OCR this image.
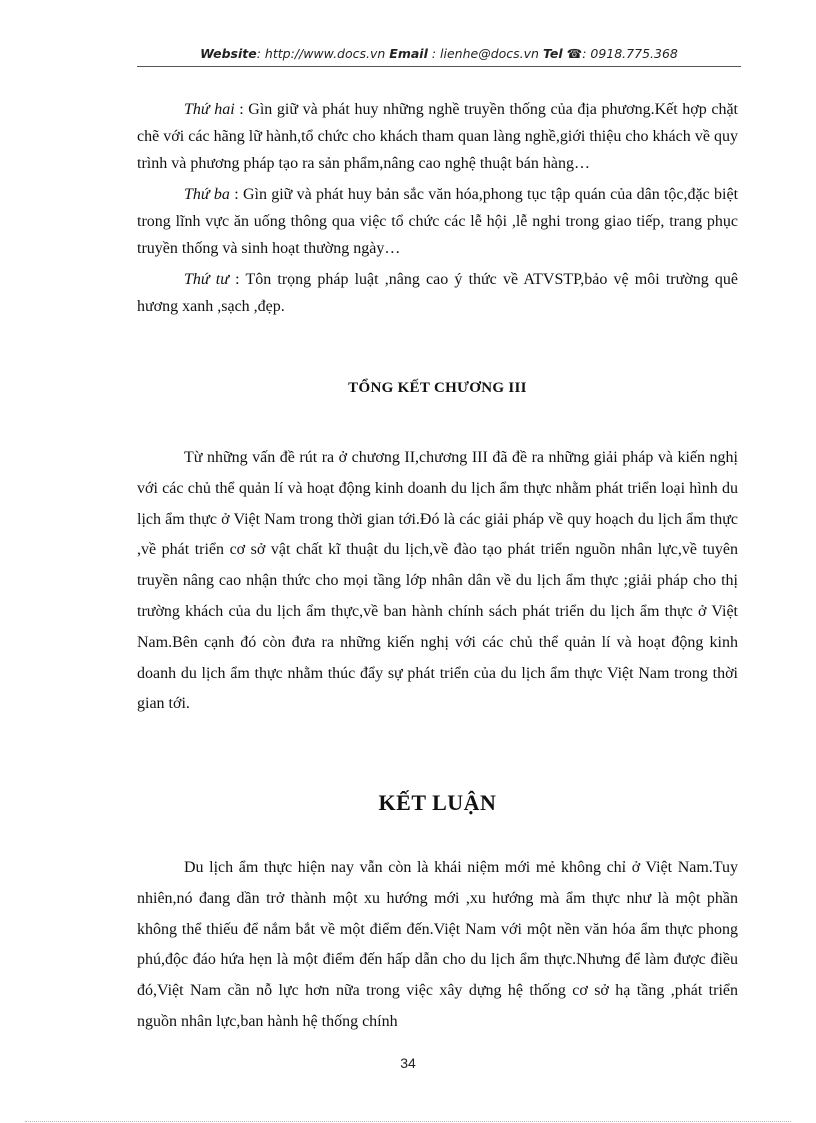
Website: http://www.docs.vn Email : lienhe@docs.vn Tel ☎: 0918.775.368

Thứ hai : Gìn giữ và phát huy những nghề truyền thống của địa phương.Kết hợp chặt chẽ với các hãng lữ hành,tổ chức cho khách tham quan làng nghề,giới thiệu cho khách về quy trình và phương pháp tạo ra sản phẩm,nâng cao nghệ thuật bán hàng…

Thứ ba : Gìn giữ và phát huy bản sắc văn hóa,phong tục tập quán của dân tộc,đặc biệt trong lĩnh vực ăn uống thông qua việc tổ chức các lễ hội ,lễ nghi trong giao tiếp, trang phục truyền thống và sinh hoạt thường ngày…

Thứ tư : Tôn trọng pháp luật ,nâng cao ý thức về ATVSTP,bảo vệ môi trường quê hương xanh ,sạch ,đẹp.

TỔNG KẾT CHƯƠNG III

Từ những vấn đề rút ra ở chương II,chương III đã đề ra những giải pháp và kiến nghị với các chủ thể quản lí và hoạt động kinh doanh du lịch ẩm thực nhằm phát triển loại hình du lịch ẩm thực ở Việt Nam trong thời gian tới.Đó là các giải pháp về quy hoạch du lịch ẩm thực ,về phát triển cơ sở vật chất kĩ thuật du lịch,về đào tạo phát triển nguồn nhân lực,về tuyên truyền nâng cao nhận thức cho mọi tầng lớp nhân dân về du lịch ẩm thực ;giải pháp cho thị trường khách của du lịch ẩm thực,về ban hành chính sách phát triển du lịch ẩm thực ở Việt Nam.Bên cạnh đó còn đưa ra những kiến nghị với các chủ thể quản lí và hoạt động kinh doanh du lịch ẩm thực nhằm thúc đẩy sự phát triển của du lịch ẩm thực Việt Nam trong thời gian tới.

KẾT LUẬN

Du lịch ẩm thực hiện nay vẫn còn là khái niệm mới mẻ không chỉ ở Việt Nam.Tuy nhiên,nó đang dần trở thành một xu hướng mới ,xu hướng mà ẩm thực như là một phần không thể thiếu để nắm bắt về một điểm đến.Việt Nam với một nền văn hóa ẩm thực phong phú,độc đáo hứa hẹn là một điểm đến hấp dẫn cho du lịch ẩm thực.Nhưng để làm được điều đó,Việt Nam cần nỗ lực hơn nữa trong việc xây dựng hệ thống cơ sở hạ tầng ,phát triển nguồn nhân lực,ban hành hệ thống chính

34
